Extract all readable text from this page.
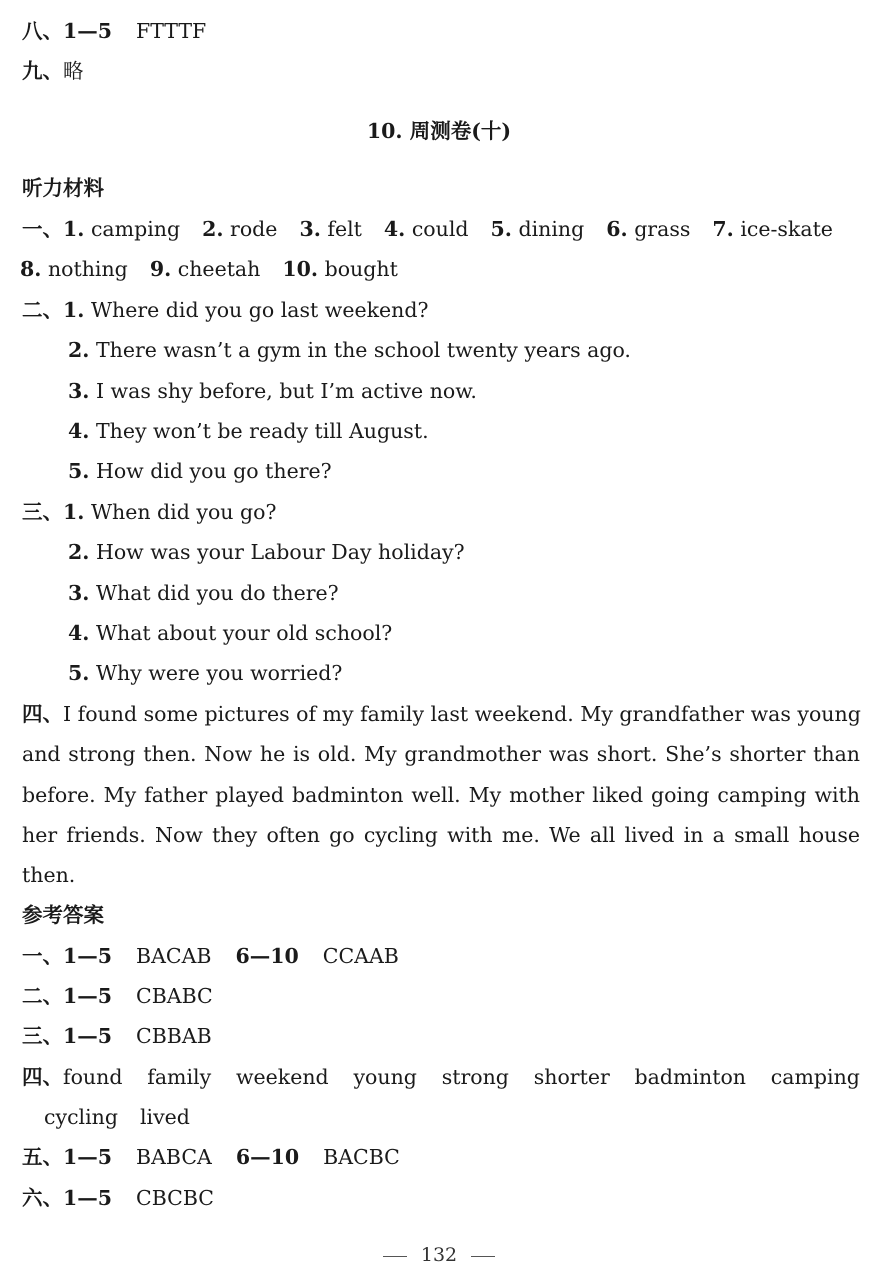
八、1—5 FTTTF
九、略
10. 周测卷(十)
听力材料
一、1. camping 2. rode 3. felt 4. could 5. dining 6. grass 7. ice-skate
8. nothing 9. cheetah 10. bought
二、1. Where did you go last weekend?
2. There wasn’t a gym in the school twenty years ago.
3. I was shy before, but I’m active now.
4. They won’t be ready till August.
5. How did you go there?
三、1. When did you go?
2. How was your Labour Day holiday?
3. What did you do there?
4. What about your old school?
5. Why were you worried?
四、I found some pictures of my family last weekend. My grandfather was young
and strong then. Now he is old. My grandmother was short. She’s shorter than
before. My father played badminton well. My mother liked going camping with
her friends. Now they often go cycling with me. We all lived in a small house
then.
参考答案
一、1—5 BACAB 6—10 CCAAB
二、1—5 CBABC
三、1—5 CBBAB
四、found family weekend young strong shorter badminton camping
cycling lived
五、1—5 BABCA 6—10 BACBC
六、1—5 CBCBC
132
